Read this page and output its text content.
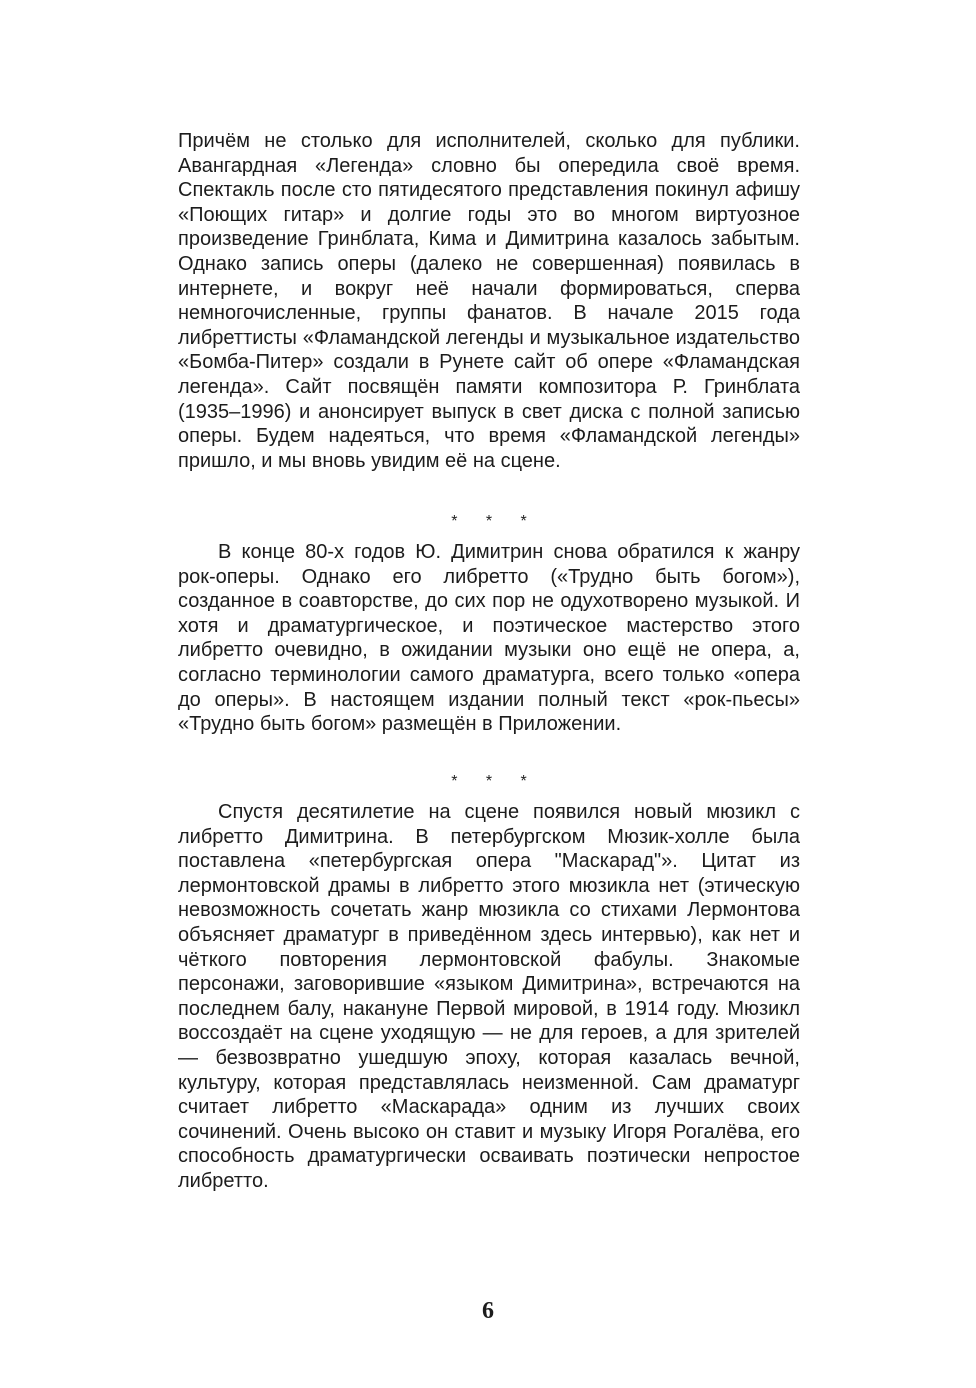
Причём не столько для исполнителей, сколько для публики. Авангардная «Легенда» словно бы опередила своё время. Спектакль после сто пятидесятого представления покинул афишу «Поющих гитар» и долгие годы это во многом виртуозное произведение Гринблата, Кима и Димитрина казалось забытым. Однако запись оперы (далеко не совершенная) появилась в интернете, и вокруг неё начали формироваться, сперва немногочисленные, группы фанатов. В начале 2015 года либреттисты «Фламандской легенды и музыкальное издательство «Бомба-Питер» создали в Рунете сайт об опере «Фламандская легенда». Сайт посвящён памяти композитора Р. Гринблата (1935–1996) и анонсирует выпуск в свет диска с полной записью оперы. Будем надеяться, что время «Фламандской легенды» пришло, и мы вновь увидим её на сцене.

* * *

В конце 80-х годов Ю. Димитрин снова обратился к жанру рок-оперы. Однако его либретто («Трудно быть богом»), созданное в соавторстве, до сих пор не одухотворено музыкой. И хотя и драматургическое, и поэтическое мастерство этого либретто очевидно, в ожидании музыки оно ещё не опера, а, согласно терминологии самого драматурга, всего только «опера до оперы». В настоящем издании полный текст «рок-пьесы» «Трудно быть богом» размещён в Приложении.

* * *

Спустя десятилетие на сцене появился новый мюзикл с либретто Димитрина. В петербургском Мюзик-холле была поставлена «петербургская опера "Маскарад"». Цитат из лермонтовской драмы в либретто этого мюзикла нет (этическую невозможность сочетать жанр мюзикла со стихами Лермонтова объясняет драматург в приведённом здесь интервью), как нет и чёткого повторения лермонтовской фабулы. Знакомые персонажи, заговорившие «языком Димитрина», встречаются на последнем балу, накануне Первой мировой, в 1914 году. Мюзикл воссоздаёт на сцене уходящую — не для героев, а для зрителей — безвозвратно ушедшую эпоху, которая казалась вечной, культуру, которая представлялась неизменной. Сам драматург считает либретто «Маскарада» одним из лучших своих сочинений. Очень высоко он ставит и музыку Игоря Рогалёва, его способность драматургически осваивать поэтически непростое либретто.

6
